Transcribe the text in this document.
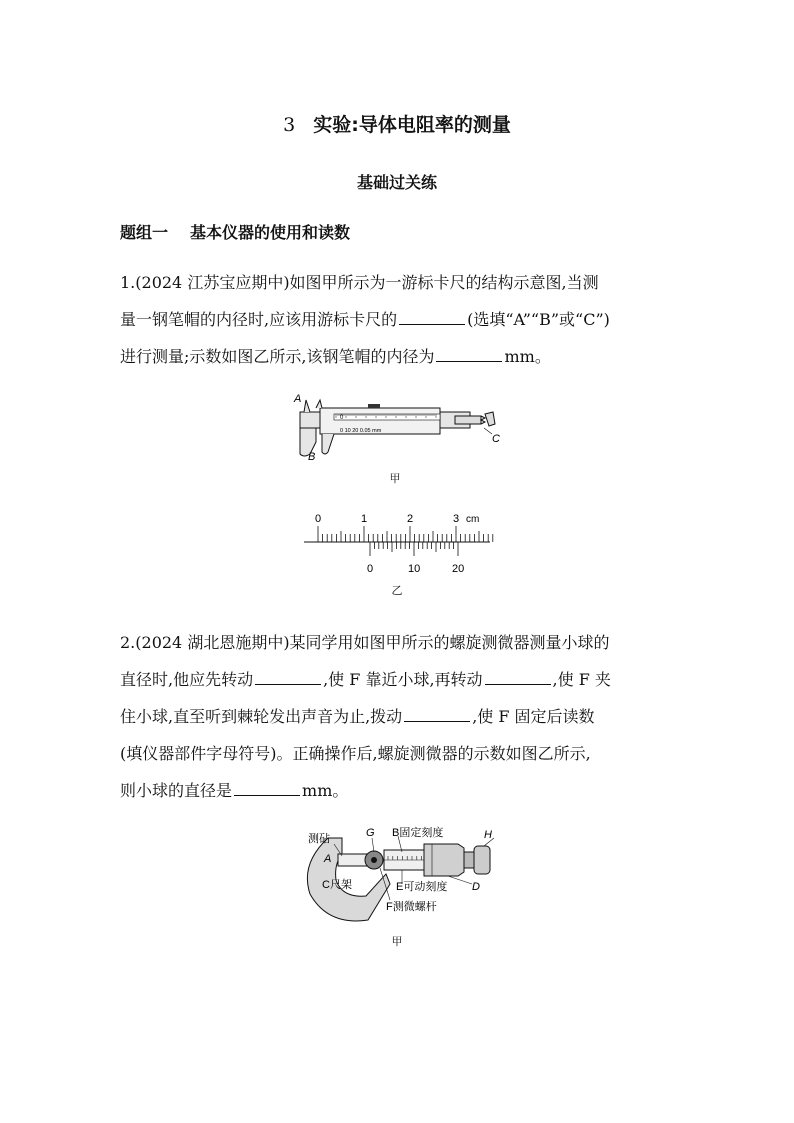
3 实验:导体电阻率的测量
基础过关练
题组一 基本仪器的使用和读数
1.(2024 江苏宝应期中)如图甲所示为一游标卡尺的结构示意图,当测
量一钢笔帽的内径时,应该用游标卡尺的	(选填“A”“B”或“C”)
进行测量;示数如图乙所示,该钢笔帽的内径为	mm。
0
0 10 20 0.05 mm
A
B
C
甲
0	1	2	3
0	10	20
cm
乙
2.(2024 湖北恩施期中)某同学用如图甲所示的螺旋测微器测量小球的
直径时,他应先转动	,使 F 靠近小球,再转动	,使 F 夹
住小球,直至听到棘轮发出声音为止,拨动	,使 F 固定后读数
(填仪器部件字母符号)。正确操作后,螺旋测微器的示数如图乙所示,
则小球的直径是	mm。
测砧
A
G B固定刻度	H
C尺架	E可动刻度 D
F测微螺杆
甲
